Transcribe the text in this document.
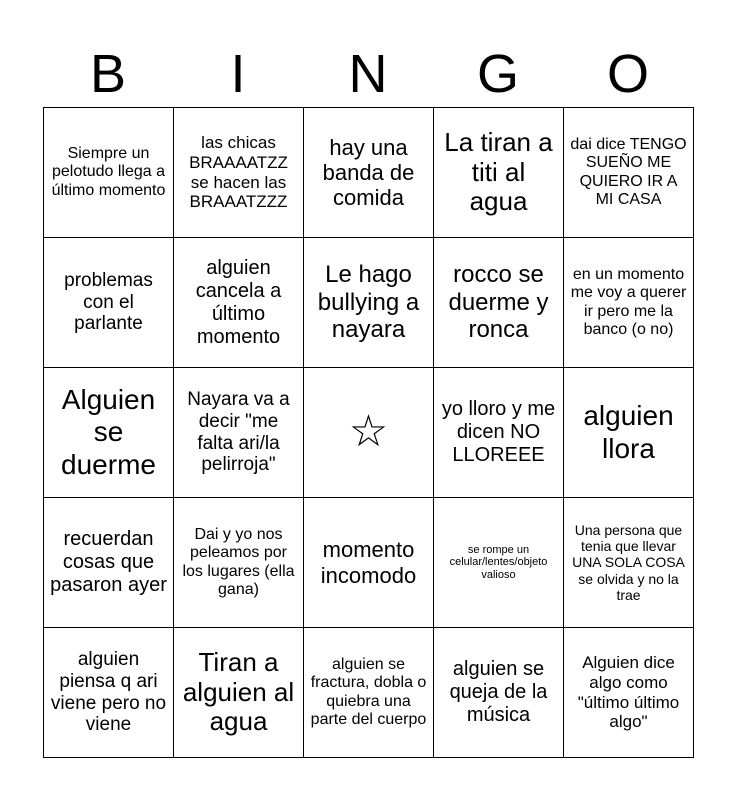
B	I	N	G	O
Siempre un pelotudo llega a último momento	las chicas BRAAAATZZ se hacen las BRAAATZZZ	hay una banda de comida	La tiran a titi al agua	dai dice TENGO SUEÑO ME QUIERO IR A MI CASA
problemas con el parlante	alguien cancela a último momento	Le hago bullying a nayara	rocco se duerme y ronca	en un momento me voy a querer ir pero me la banco (o no)
Alguien se duerme	Nayara va a decir "me falta ari/la pelirroja"	☆	yo lloro y me dicen NO LLOREEE	alguien llora
recuerdan cosas que pasaron ayer	Dai y yo nos peleamos por los lugares (ella gana)	momento incomodo	se rompe un celular/lentes/objeto valioso	Una persona que tenia que llevar UNA SOLA COSA se olvida y no la trae
alguien piensa q ari viene pero no viene	Tiran a alguien al agua	alguien se fractura, dobla o quiebra una parte del cuerpo	alguien se queja de la música	Alguien dice algo como "último último algo"
